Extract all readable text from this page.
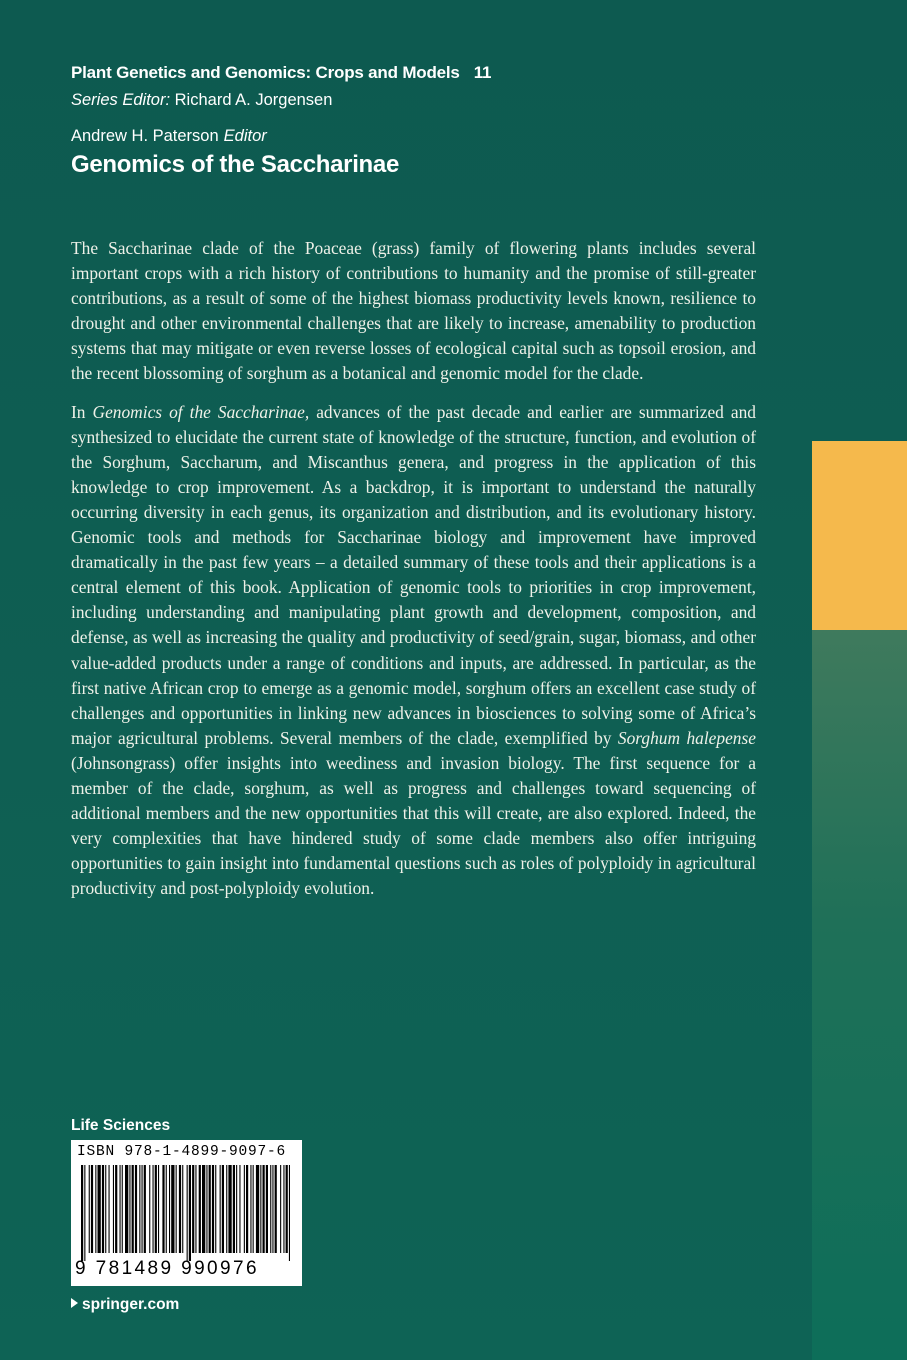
Plant Genetics and Genomics: Crops and Models 11
Series Editor: Richard A. Jorgensen
Andrew H. Paterson Editor
Genomics of the Saccharinae

The Saccharinae clade of the Poaceae (grass) family of flowering plants includes several important crops with a rich history of contributions to humanity and the promise of still-greater contributions, as a result of some of the highest biomass productivity levels known, resilience to drought and other environmental challenges that are likely to increase, amenability to production systems that may mitigate or even reverse losses of ecological capital such as topsoil erosion, and the recent blossoming of sorghum as a botanical and genomic model for the clade.

In Genomics of the Saccharinae, advances of the past decade and earlier are summarized and synthesized to elucidate the current state of knowledge of the structure, function, and evolution of the Sorghum, Saccharum, and Miscanthus genera, and progress in the application of this knowledge to crop improvement. As a backdrop, it is important to understand the naturally occurring diversity in each genus, its organization and distribution, and its evolutionary history. Genomic tools and methods for Saccharinae biology and improvement have improved dramatically in the past few years – a detailed summary of these tools and their applications is a central element of this book. Application of genomic tools to priorities in crop improvement, including understanding and manipulating plant growth and development, composition, and defense, as well as increasing the quality and productivity of seed/grain, sugar, biomass, and other value-added products under a range of conditions and inputs, are addressed. In particular, as the first native African crop to emerge as a genomic model, sorghum offers an excellent case study of challenges and opportunities in linking new advances in biosciences to solving some of Africa’s major agricultural problems. Several members of the clade, exemplified by Sorghum halepense (Johnsongrass) offer insights into weediness and invasion biology. The first sequence for a member of the clade, sorghum, as well as progress and challenges toward sequencing of additional members and the new opportunities that this will create, are also explored. Indeed, the very complexities that have hindered study of some clade members also offer intriguing opportunities to gain insight into fundamental questions such as roles of polyploidy in agricultural productivity and post-polyploidy evolution.

Life Sciences
ISBN 978-1-4899-9097-6
9 781489 990976
springer.com
